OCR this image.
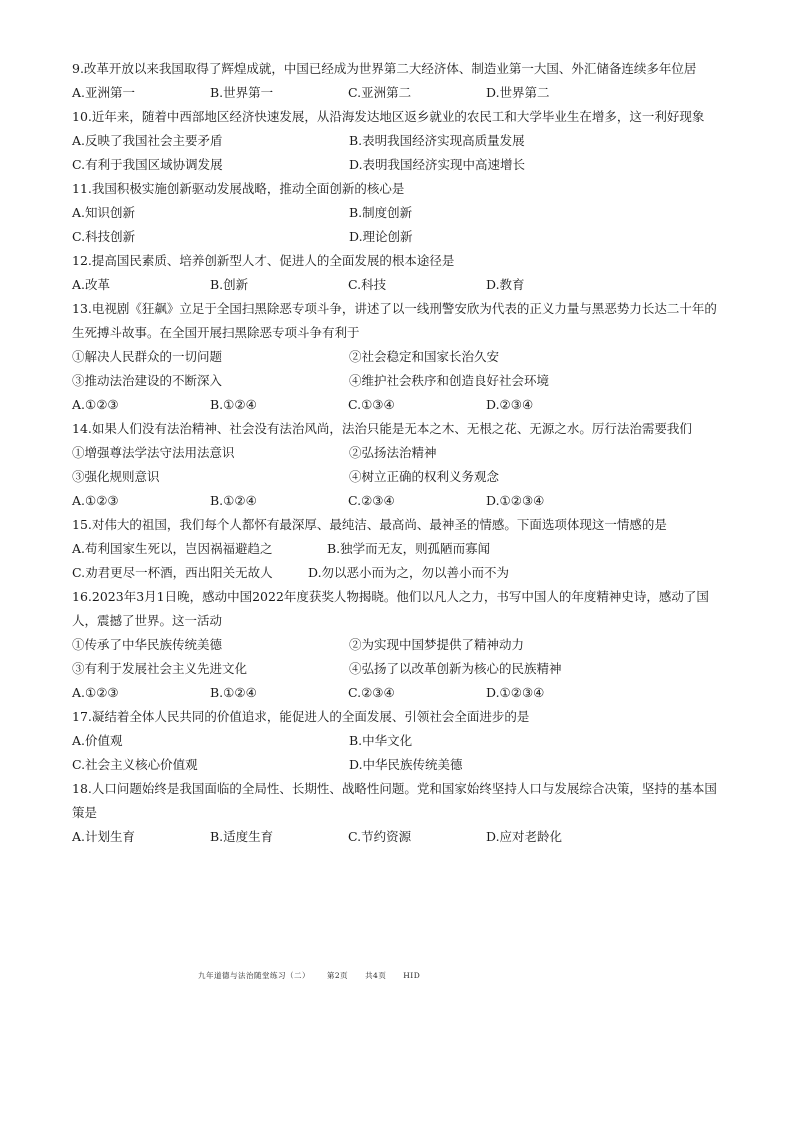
9.改革开放以来我国取得了辉煌成就，中国已经成为世界第二大经济体、制造业第一大国、外汇储备连续多年位居

A.亚洲第一	B.世界第一	C.亚洲第二	D.世界第二

10.近年来，随着中西部地区经济快速发展，从沿海发达地区返乡就业的农民工和大学毕业生在增多，这一利好现象

A.反映了我国社会主要矛盾	B.表明我国经济实现高质量发展
C.有利于我国区域协调发展	D.表明我国经济实现中高速增长

11.我国积极实施创新驱动发展战略，推动全面创新的核心是

A.知识创新	B.制度创新
C.科技创新	D.理论创新

12.提高国民素质、培养创新型人才、促进人的全面发展的根本途径是

A.改革	B.创新	C.科技	D.教育

13.电视剧《狂飙》立足于全国扫黑除恶专项斗争，讲述了以一线刑警安欣为代表的正义力量与黑恶势力长达二十年的生死搏斗故事。在全国开展扫黑除恶专项斗争有利于

①解决人民群众的一切问题	②社会稳定和国家长治久安
③推动法治建设的不断深入	④维护社会秩序和创造良好社会环境
A.①②③	B.①②④	C.①③④	D.②③④

14.如果人们没有法治精神、社会没有法治风尚，法治只能是无本之木、无根之花、无源之水。厉行法治需要我们

①增强尊法学法守法用法意识	②弘扬法治精神
③强化规则意识	④树立正确的权利义务观念
A.①②③	B.①②④	C.②③④	D.①②③④

15.对伟大的祖国，我们每个人都怀有最深厚、最纯洁、最高尚、最神圣的情感。下面选项体现这一情感的是

A.苟利国家生死以，岂因祸福避趋之	B.独学而无友，则孤陋而寡闻
C.劝君更尽一杯酒，西出阳关无故人	D.勿以恶小而为之，勿以善小而不为

16.2023年3月1日晚，感动中国2022年度获奖人物揭晓。他们以凡人之力，书写中国人的年度精神史诗，感动了国人，震撼了世界。这一活动

①传承了中华民族传统美德	②为实现中国梦提供了精神动力
③有利于发展社会主义先进文化	④弘扬了以改革创新为核心的民族精神
A.①②③	B.①②④	C.②③④	D.①②③④

17.凝结着全体人民共同的价值追求，能促进人的全面发展、引领社会全面进步的是

A.价值观	B.中华文化
C.社会主义核心价值观	D.中华民族传统美德

18.人口问题始终是我国面临的全局性、长期性、战略性问题。党和国家始终坚持人口与发展综合决策，坚持的基本国策是

A.计划生育	B.适度生育	C.节约资源	D.应对老龄化
九年道德与法治随堂练习（二） 第2页 共4页 HID
